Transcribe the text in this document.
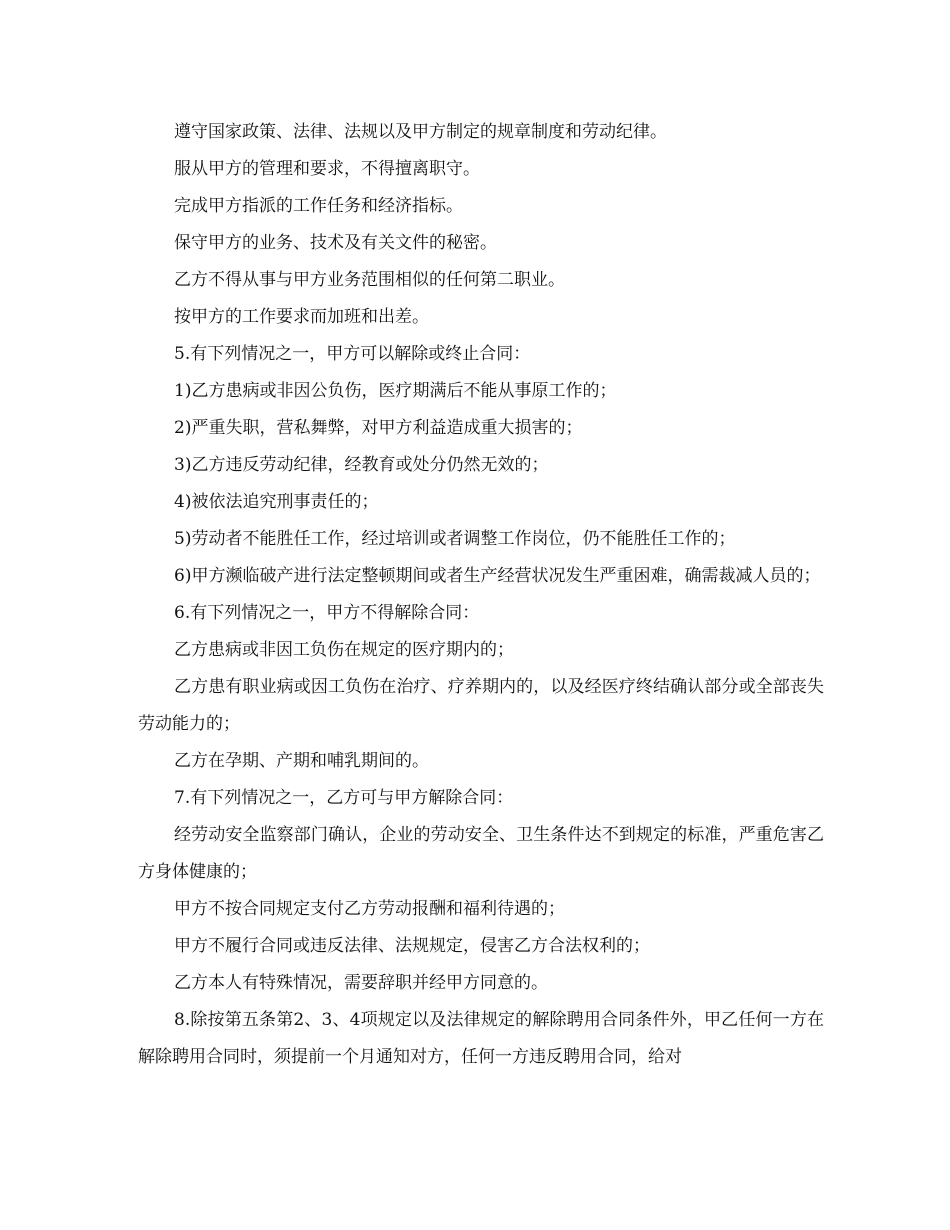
遵守国家政策、法律、法规以及甲方制定的规章制度和劳动纪律。

服从甲方的管理和要求，不得擅离职守。

完成甲方指派的工作任务和经济指标。

保守甲方的业务、技术及有关文件的秘密。

乙方不得从事与甲方业务范围相似的任何第二职业。

按甲方的工作要求而加班和出差。

5.有下列情况之一，甲方可以解除或终止合同：

1)乙方患病或非因公负伤，医疗期满后不能从事原工作的；

2)严重失职，营私舞弊，对甲方利益造成重大损害的；

3)乙方违反劳动纪律，经教育或处分仍然无效的；

4)被依法追究刑事责任的；

5)劳动者不能胜任工作，经过培训或者调整工作岗位，仍不能胜任工作的；

6)甲方濒临破产进行法定整顿期间或者生产经营状况发生严重困难，确需裁减人员的；

6.有下列情况之一，甲方不得解除合同：

乙方患病或非因工负伤在规定的医疗期内的；

乙方患有职业病或因工负伤在治疗、疗养期内的，以及经医疗终结确认部分或全部丧失劳动能力的；

乙方在孕期、产期和哺乳期间的。

7.有下列情况之一，乙方可与甲方解除合同：

经劳动安全监察部门确认，企业的劳动安全、卫生条件达不到规定的标准，严重危害乙方身体健康的；

甲方不按合同规定支付乙方劳动报酬和福利待遇的；

甲方不履行合同或违反法律、法规规定，侵害乙方合法权利的；

乙方本人有特殊情况，需要辞职并经甲方同意的。

8.除按第五条第2、3、4项规定以及法律规定的解除聘用合同条件外，甲乙任何一方在解除聘用合同时，须提前一个月通知对方，任何一方违反聘用合同，给对
